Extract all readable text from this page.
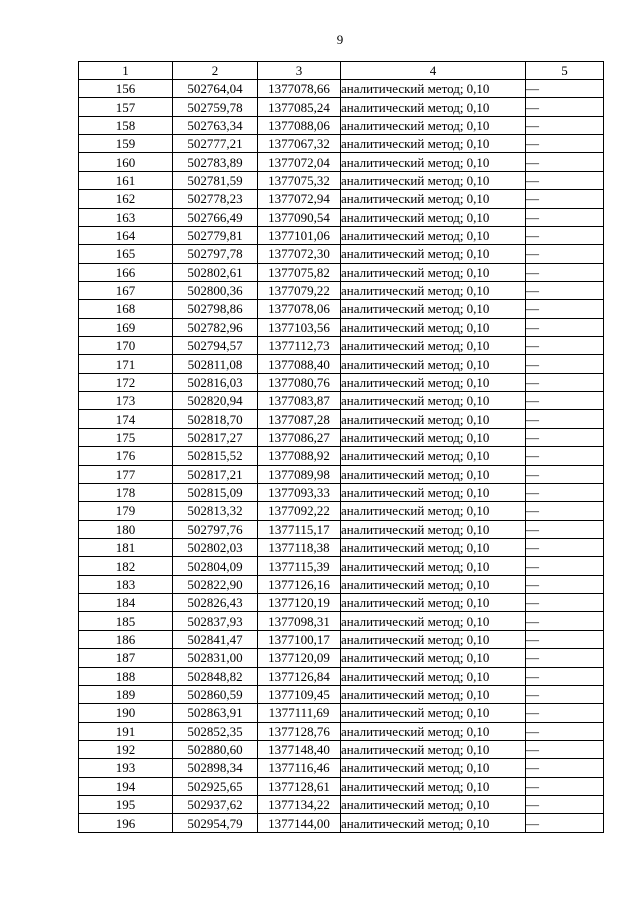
9
1	2	3	4	5
156	502764,04	1377078,66	аналитический метод; 0,10	—
157	502759,78	1377085,24	аналитический метод; 0,10	—
158	502763,34	1377088,06	аналитический метод; 0,10	—
159	502777,21	1377067,32	аналитический метод; 0,10	—
160	502783,89	1377072,04	аналитический метод; 0,10	—
161	502781,59	1377075,32	аналитический метод; 0,10	—
162	502778,23	1377072,94	аналитический метод; 0,10	—
163	502766,49	1377090,54	аналитический метод; 0,10	—
164	502779,81	1377101,06	аналитический метод; 0,10	—
165	502797,78	1377072,30	аналитический метод; 0,10	—
166	502802,61	1377075,82	аналитический метод; 0,10	—
167	502800,36	1377079,22	аналитический метод; 0,10	—
168	502798,86	1377078,06	аналитический метод; 0,10	—
169	502782,96	1377103,56	аналитический метод; 0,10	—
170	502794,57	1377112,73	аналитический метод; 0,10	—
171	502811,08	1377088,40	аналитический метод; 0,10	—
172	502816,03	1377080,76	аналитический метод; 0,10	—
173	502820,94	1377083,87	аналитический метод; 0,10	—
174	502818,70	1377087,28	аналитический метод; 0,10	—
175	502817,27	1377086,27	аналитический метод; 0,10	—
176	502815,52	1377088,92	аналитический метод; 0,10	—
177	502817,21	1377089,98	аналитический метод; 0,10	—
178	502815,09	1377093,33	аналитический метод; 0,10	—
179	502813,32	1377092,22	аналитический метод; 0,10	—
180	502797,76	1377115,17	аналитический метод; 0,10	—
181	502802,03	1377118,38	аналитический метод; 0,10	—
182	502804,09	1377115,39	аналитический метод; 0,10	—
183	502822,90	1377126,16	аналитический метод; 0,10	—
184	502826,43	1377120,19	аналитический метод; 0,10	—
185	502837,93	1377098,31	аналитический метод; 0,10	—
186	502841,47	1377100,17	аналитический метод; 0,10	—
187	502831,00	1377120,09	аналитический метод; 0,10	—
188	502848,82	1377126,84	аналитический метод; 0,10	—
189	502860,59	1377109,45	аналитический метод; 0,10	—
190	502863,91	1377111,69	аналитический метод; 0,10	—
191	502852,35	1377128,76	аналитический метод; 0,10	—
192	502880,60	1377148,40	аналитический метод; 0,10	—
193	502898,34	1377116,46	аналитический метод; 0,10	—
194	502925,65	1377128,61	аналитический метод; 0,10	—
195	502937,62	1377134,22	аналитический метод; 0,10	—
196	502954,79	1377144,00	аналитический метод; 0,10	—
